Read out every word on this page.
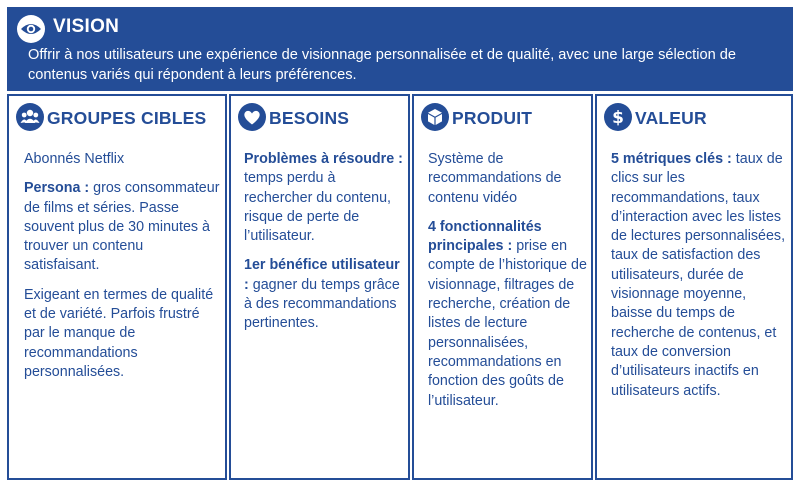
VISION
Offrir à nos utilisateurs une expérience de visionnage personnalisée et de qualité, avec une large sélection de contenus variés qui répondent à leurs préférences.
GROUPES CIBLES

Abonnés Netflix

Persona : gros consommateur de films et séries. Passe souvent plus de 30 minutes à trouver un contenu satisfaisant.

Exigeant en termes de qualité et de variété. Parfois frustré par le manque de recommandations personnalisées.

BESOINS

Problèmes à résoudre : temps perdu à rechercher du contenu, risque de perte de l’utilisateur.

1er bénéfice utilisateur : gagner du temps grâce à des recommandations pertinentes.

PRODUIT

Système de recommandations de contenu vidéo

4 fonctionnalités principales : prise en compte de l’historique de visionnage, filtrages de recherche, création de listes de lecture personnalisées, recommandations en fonction des goûts de l’utilisateur.

$ VALEUR

5 métriques clés : taux de clics sur les recommandations, taux d’interaction avec les listes de lectures personnalisées, taux de satisfaction des utilisateurs, durée de visionnage moyenne, baisse du temps de recherche de contenus, et taux de conversion d’utilisateurs inactifs en utilisateurs actifs.
